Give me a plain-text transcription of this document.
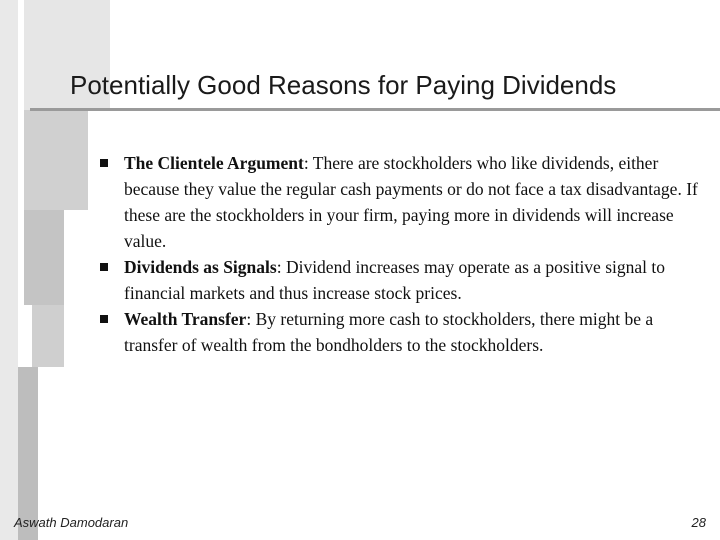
Potentially Good Reasons for Paying Dividends
The Clientele Argument: There are stockholders who like dividends, either because they value the regular cash payments or do not face a tax disadvantage. If these are the stockholders in your firm, paying more in dividends will increase value.
Dividends as Signals: Dividend increases may operate as a positive signal to financial markets and thus increase stock prices.
Wealth Transfer: By returning more cash to stockholders, there might be a transfer of wealth from the bondholders to the stockholders.
Aswath Damodaran	28
